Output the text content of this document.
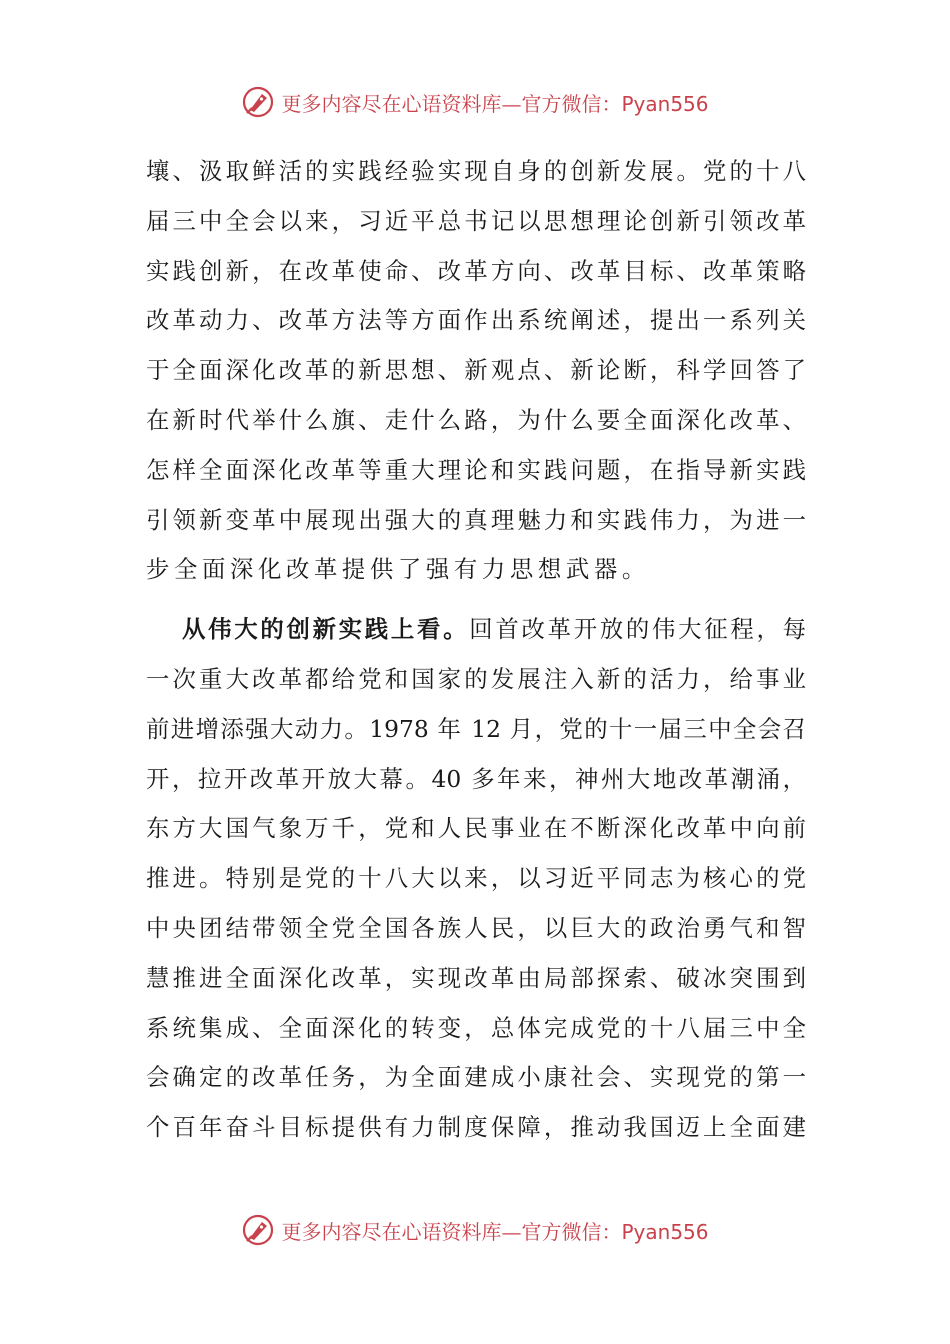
更多内容尽在心语资料库—官方微信：Pyan556
壤、汲取鲜活的实践经验实现自身的创新发展。党的十八
届三中全会以来，习近平总书记以思想理论创新引领改革
实践创新，在改革使命、改革方向、改革目标、改革策略
改革动力、改革方法等方面作出系统阐述，提出一系列关
于全面深化改革的新思想、新观点、新论断，科学回答了
在新时代举什么旗、走什么路，为什么要全面深化改革、
怎样全面深化改革等重大理论和实践问题，在指导新实践
引领新变革中展现出强大的真理魅力和实践伟力，为进一
步全面深化改革提供了强有力思想武器。
从伟大的创新实践上看。回首改革开放的伟大征程，每
一次重大改革都给党和国家的发展注入新的活力，给事业
前进增添强大动力。1978 年 12 月，党的十一届三中全会召
开，拉开改革开放大幕。40 多年来，神州大地改革潮涌，
东方大国气象万千，党和人民事业在不断深化改革中向前
推进。特别是党的十八大以来，以习近平同志为核心的党
中央团结带领全党全国各族人民，以巨大的政治勇气和智
慧推进全面深化改革，实现改革由局部探索、破冰突围到
系统集成、全面深化的转变，总体完成党的十八届三中全
会确定的改革任务，为全面建成小康社会、实现党的第一
个百年奋斗目标提供有力制度保障，推动我国迈上全面建
更多内容尽在心语资料库—官方微信：Pyan556
